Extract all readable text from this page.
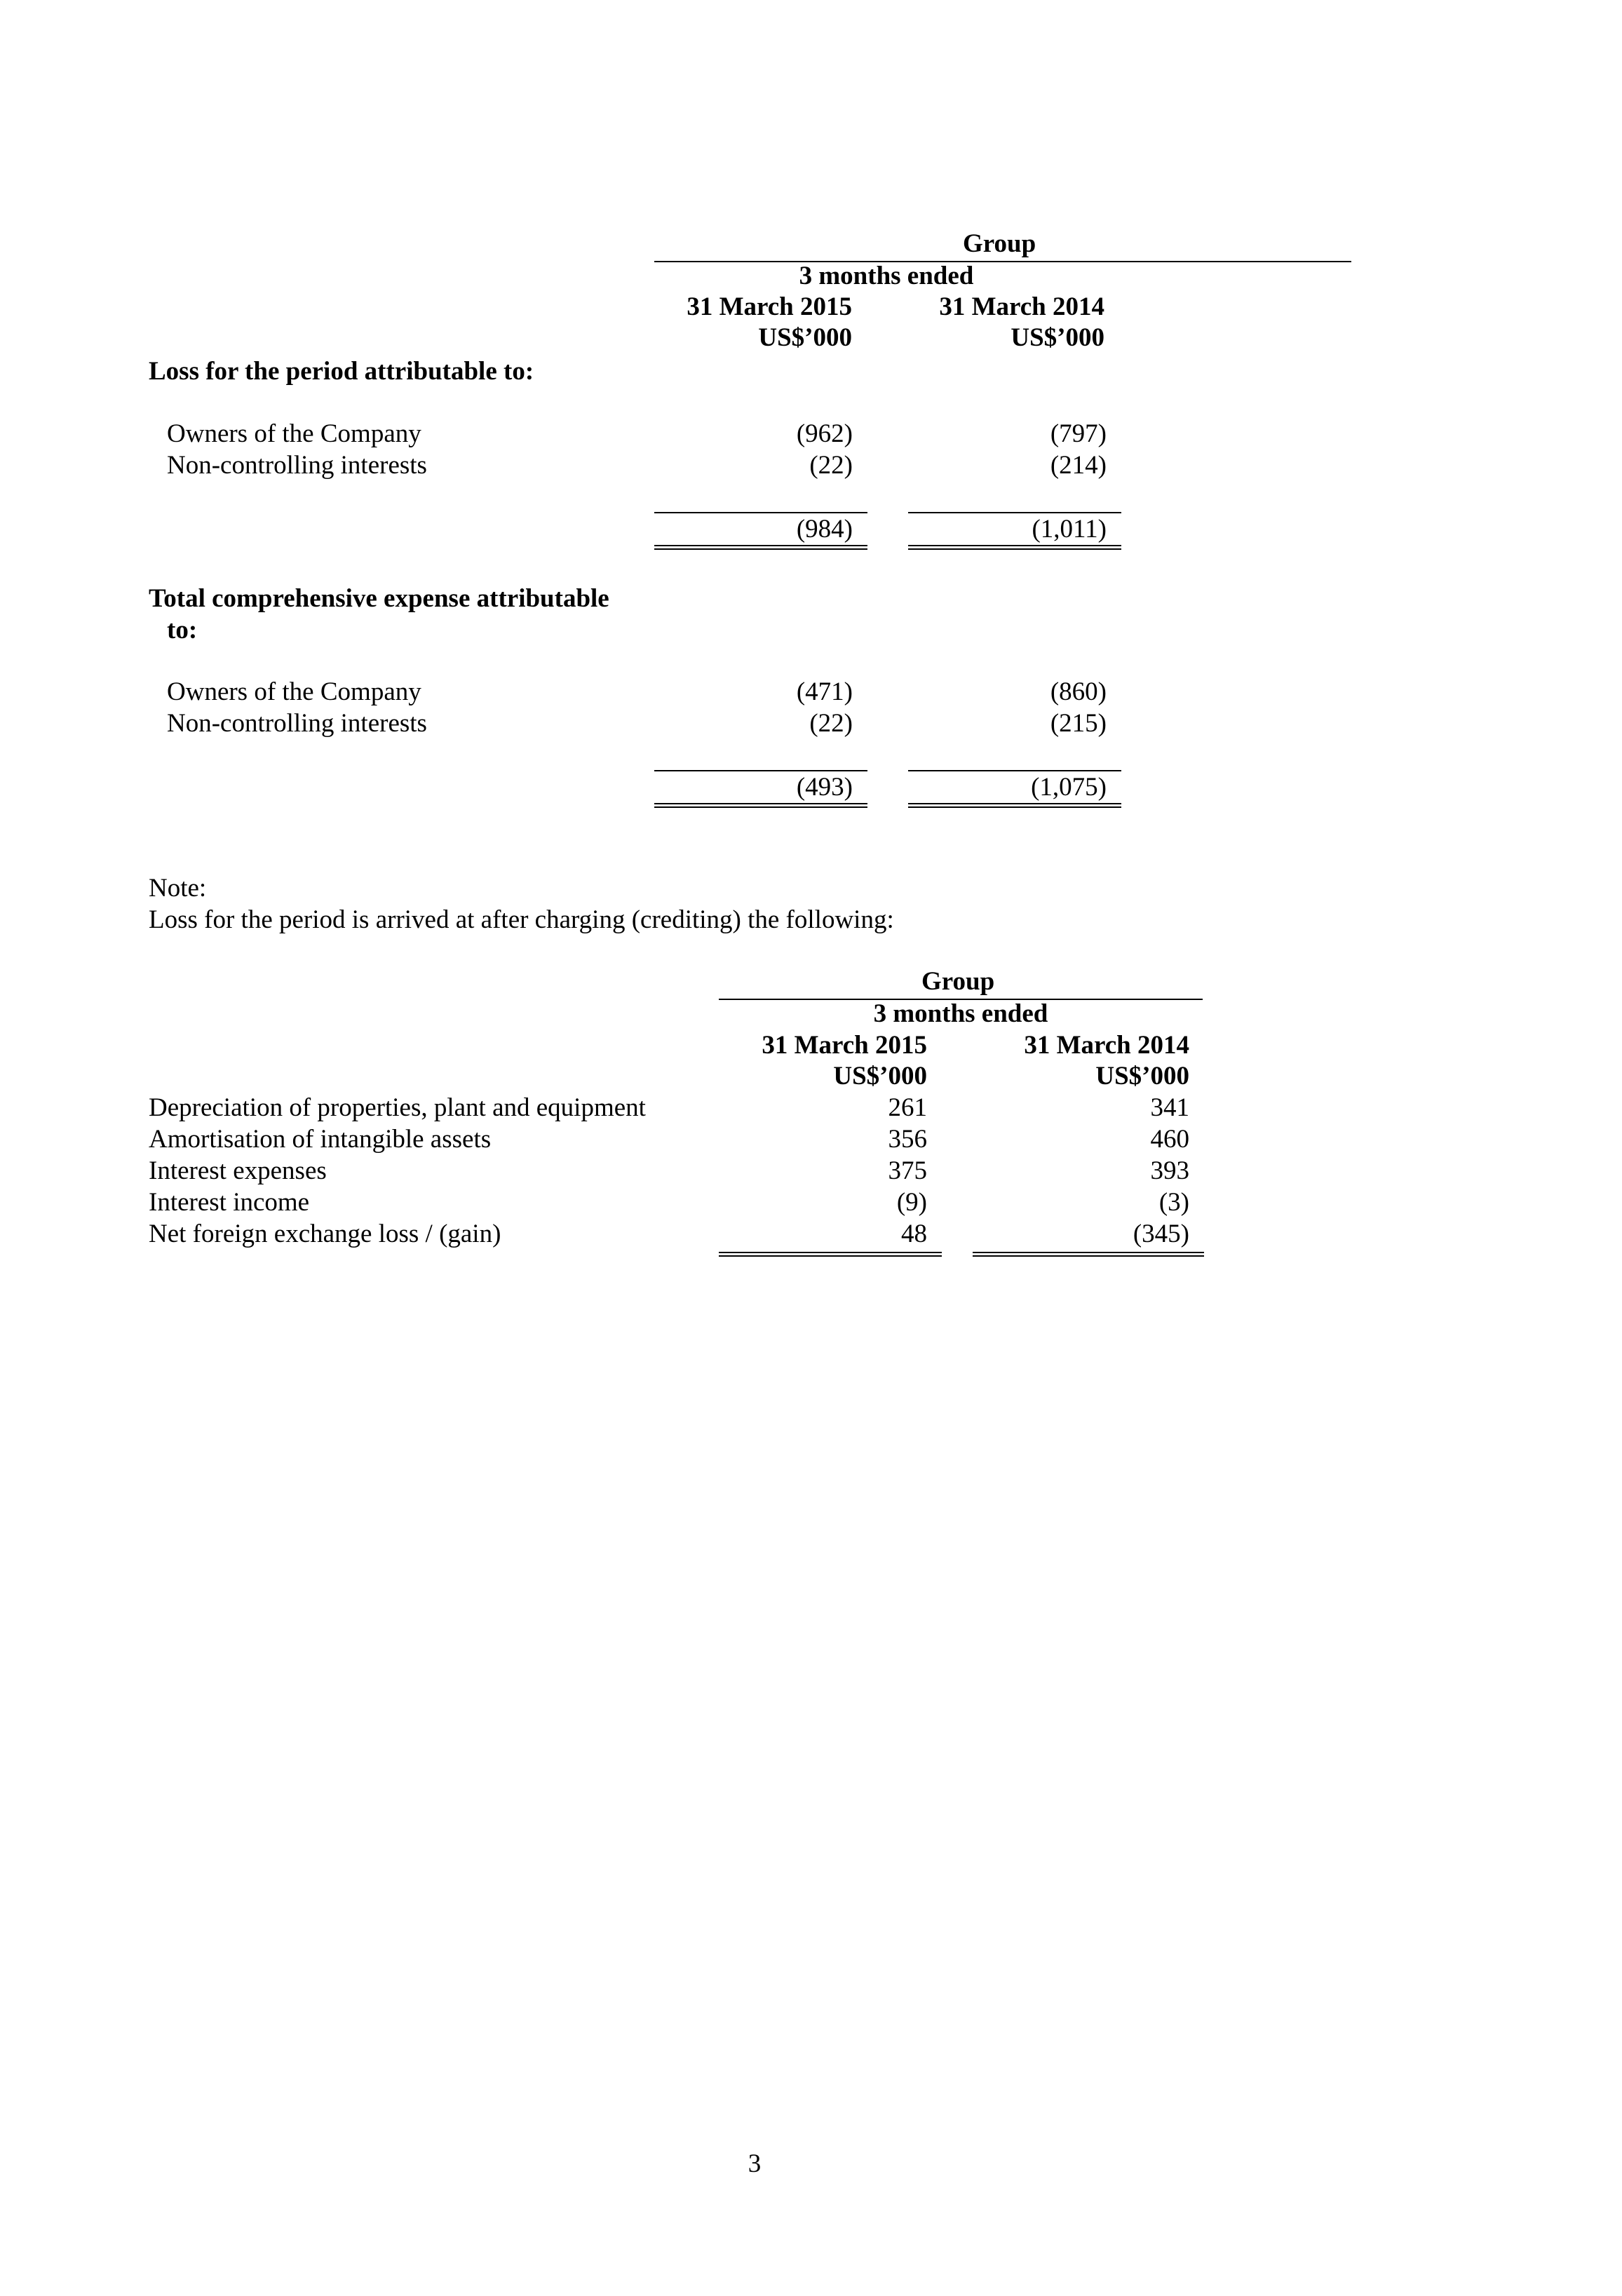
Group
3 months ended
31 March 2015	31 March 2014
US$’000	US$’000
Loss for the period attributable to:
Owners of the Company	(962)	(797)
Non-controlling interests	(22)	(214)
(984)	(1,011)
Total comprehensive expense attributable
to:
Owners of the Company	(471)	(860)
Non-controlling interests	(22)	(215)
(493)	(1,075)
Note:
Loss for the period is arrived at after charging (crediting) the following:
Group
3 months ended
31 March 2015	31 March 2014
US$’000	US$’000
Depreciation of properties, plant and equipment	261	341
Amortisation of intangible assets	356	460
Interest expenses	375	393
Interest income	(9)	(3)
Net foreign exchange loss / (gain)	48	(345)
3
